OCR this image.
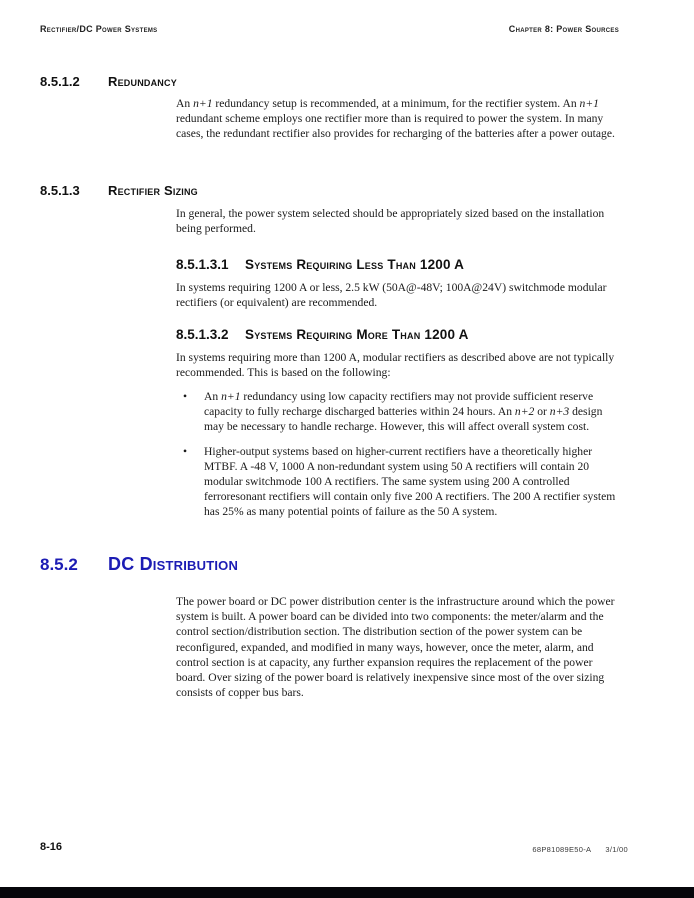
Rectifier/DC Power Systems	Chapter 8: Power Sources
8.5.1.2 Redundancy
An n+1 redundancy setup is recommended, at a minimum, for the rectifier system. An n+1 redundant scheme employs one rectifier more than is required to power the system. In many cases, the redundant rectifier also provides for recharging of the batteries after a power outage.
8.5.1.3 Rectifier Sizing
In general, the power system selected should be appropriately sized based on the installation being performed.
8.5.1.3.1 Systems Requiring Less Than 1200 A
In systems requiring 1200 A or less, 2.5 kW (50A@-48V; 100A@24V) switchmode modular rectifiers (or equivalent) are recommended.
8.5.1.3.2 Systems Requiring More Than 1200 A
In systems requiring more than 1200 A, modular rectifiers as described above are not typically recommended. This is based on the following:
•	An n+1 redundancy using low capacity rectifiers may not provide sufficient reserve capacity to fully recharge discharged batteries within 24 hours. An n+2 or n+3 design may be necessary to handle recharge. However, this will affect overall system cost.
•	Higher-output systems based on higher-current rectifiers have a theoretically higher MTBF. A -48 V, 1000 A non-redundant system using 50 A rectifiers will contain 20 modular switchmode 100 A rectifiers. The same system using 200 A controlled ferroresonant rectifiers will contain only five 200 A rectifiers. The 200 A rectifier system has 25% as many potential points of failure as the 50 A system.
8.5.2 DC Distribution
The power board or DC power distribution center is the infrastructure around which the power system is built. A power board can be divided into two components: the meter/alarm and the control section/distribution section. The distribution section of the power system can be reconfigured, expanded, and modified in many ways, however, once the meter, alarm, and control section is at capacity, any further expansion requires the replacement of the power board. Over sizing of the power board is relatively inexpensive since most of the over sizing consists of copper bus bars.
8-16	68P81089E50-A 3/1/00
